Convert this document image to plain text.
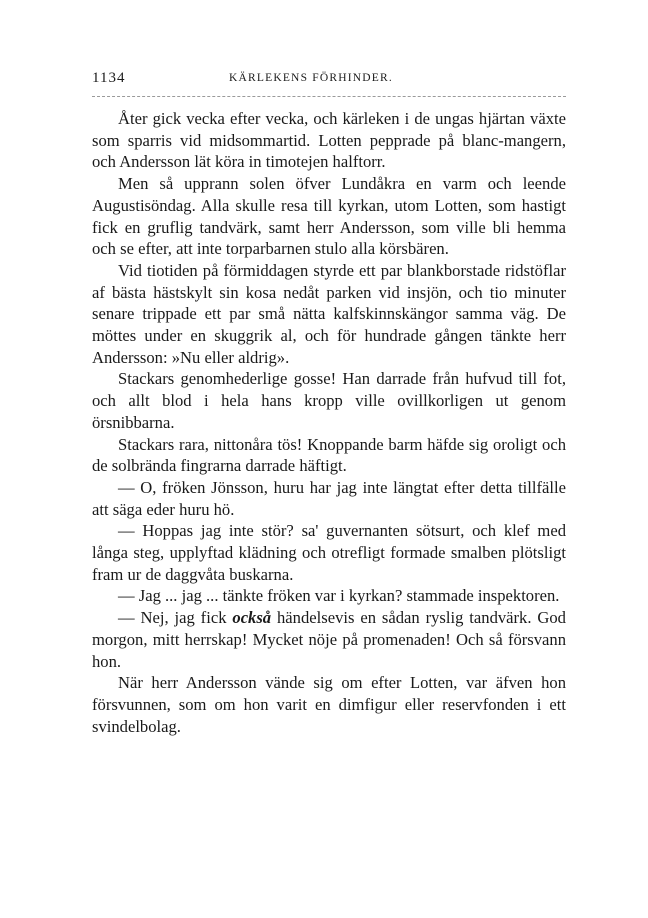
1134	KÄRLEKENS FÖRHINDER.

Åter gick vecka efter vecka, och kärleken i de ungas hjärtan växte som sparris vid midsommartid. Lotten pepprade på blanc-mangern, och Andersson lät köra in timotejen halftorr.

Men så upprann solen öfver Lundåkra en varm och leende Augustisöndag. Alla skulle resa till kyrkan, utom Lotten, som hastigt fick en gruflig tandvärk, samt herr Andersson, som ville bli hemma och se efter, att inte torparbarnen stulo alla körsbären.

Vid tiotiden på förmiddagen styrde ett par blankborstade ridstöflar af bästa hästskylt sin kosa nedåt parken vid insjön, och tio minuter senare trippade ett par små nätta kalfskinnskängor samma väg. De möttes under en skuggrik al, och för hundrade gången tänkte herr Andersson: »Nu eller aldrig».

Stackars genomhederlige gosse! Han darrade från hufvud till fot, och allt blod i hela hans kropp ville ovillkorligen ut genom örsnibbarna.

Stackars rara, nittonåra tös! Knoppande barm häfde sig oroligt och de solbrända fingrarna darrade häftigt.

— O, fröken Jönsson, huru har jag inte längtat efter detta tillfälle att säga eder huru hö.

— Hoppas jag inte stör? sa' guvernanten sötsurt, och klef med långa steg, upplyftad klädning och otrefligt formade smalben plötsligt fram ur de daggvåta buskarna.

— Jag ... jag ... tänkte fröken var i kyrkan? stammade inspektoren.

— Nej, jag fick också händelsevis en sådan ryslig tandvärk. God morgon, mitt herrskap! Mycket nöje på promenaden! Och så försvann hon.

När herr Andersson vände sig om efter Lotten, var äfven hon försvunnen, som om hon varit en dimfigur eller reservfonden i ett svindelbolag.
